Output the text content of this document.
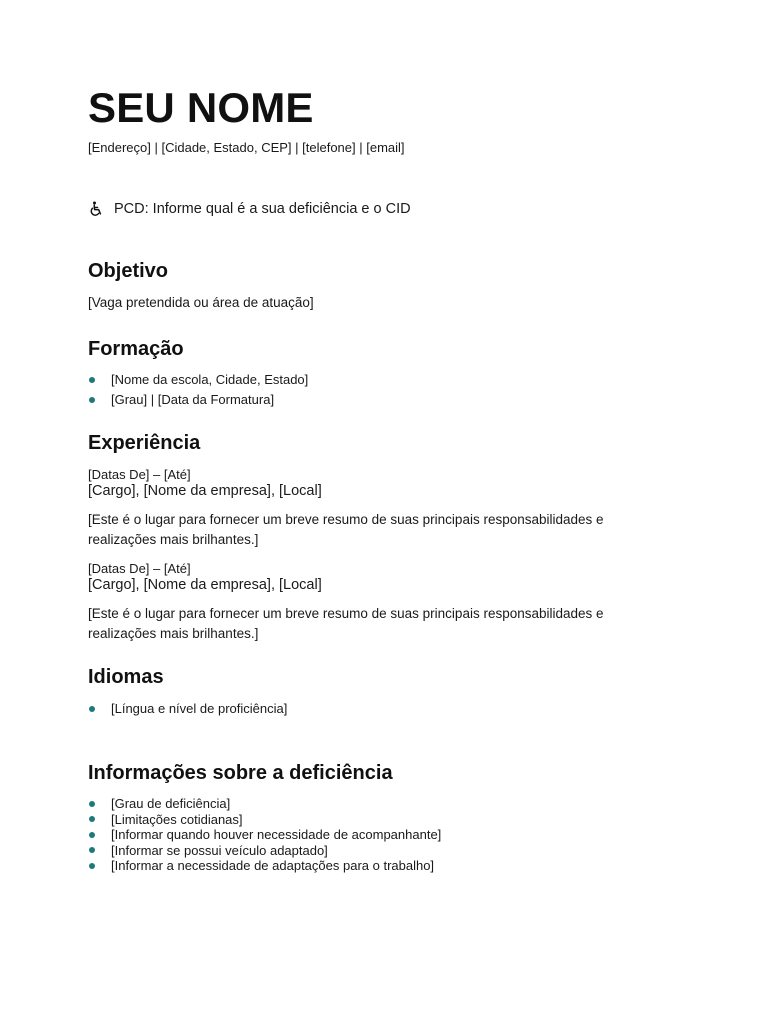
SEU NOME
[Endereço] | [Cidade, Estado, CEP] | [telefone] | [email]
PCD: Informe qual é a sua deficiência e o CID
Objetivo
[Vaga pretendida ou área de atuação]
Formação
[Nome da escola, Cidade, Estado]
[Grau] | [Data da Formatura]
Experiência
[Datas De] – [Até]
[Cargo], [Nome da empresa], [Local]
[Este é o lugar para fornecer um breve resumo de suas principais responsabilidades e realizações mais brilhantes.]
[Datas De] – [Até]
[Cargo], [Nome da empresa], [Local]
[Este é o lugar para fornecer um breve resumo de suas principais responsabilidades e realizações mais brilhantes.]
Idiomas
[Língua e nível de proficiência]
Informações sobre a deficiência
[Grau de deficiência]
[Limitações cotidianas]
[Informar quando houver necessidade de acompanhante]
[Informar se possui veículo adaptado]
[Informar a necessidade de adaptações para o trabalho]
